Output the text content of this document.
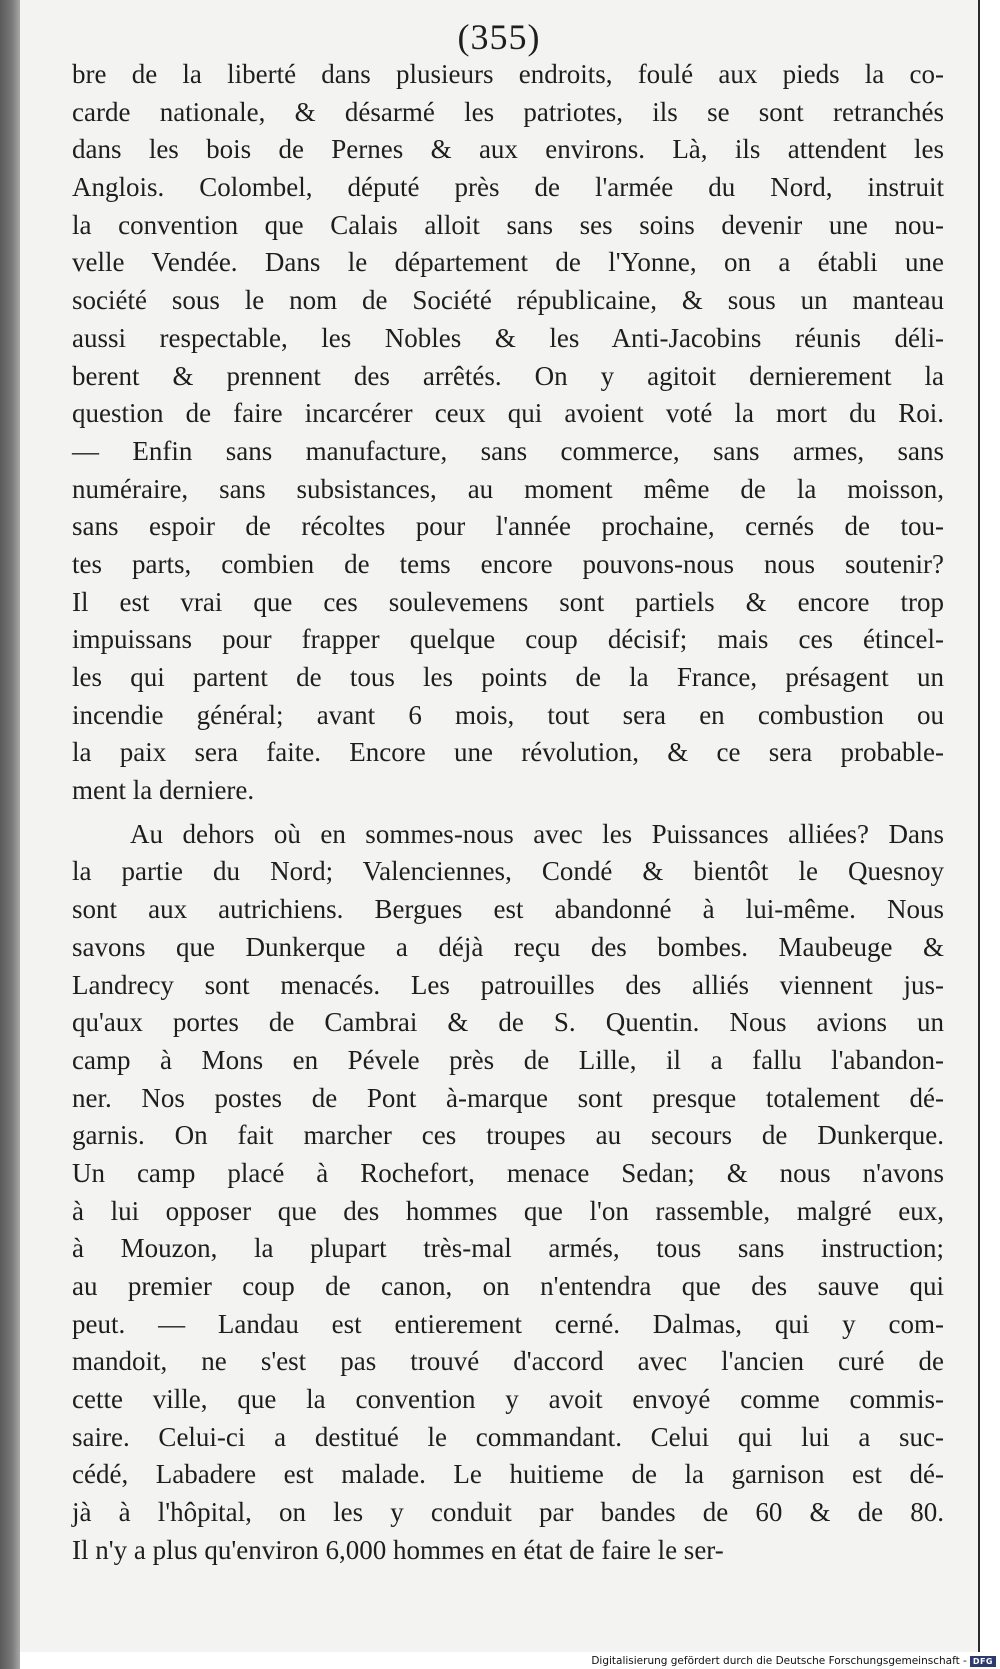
(355)
bre de la liberté dans plusieurs endroits, foulé aux pieds la co-
carde nationale, & désarmé les patriotes, ils se sont retranchés
dans les bois de Pernes & aux environs. Là, ils attendent les
Anglois. Colombel, député près de l'armée du Nord, instruit
la convention que Calais alloit sans ses soins devenir une nou-
velle Vendée. Dans le département de l'Yonne, on a établi une
société sous le nom de Société républicaine, & sous un manteau
aussi respectable, les Nobles & les Anti-Jacobins réunis déli-
berent & prennent des arrêtés. On y agitoit dernierement la
question de faire incarcérer ceux qui avoient voté la mort du Roi.
— Enfin sans manufacture, sans commerce, sans armes, sans
numéraire, sans subsistances, au moment même de la moisson,
sans espoir de récoltes pour l'année prochaine, cernés de tou-
tes parts, combien de tems encore pouvons-nous nous soutenir?
Il est vrai que ces soulevemens sont partiels & encore trop
impuissans pour frapper quelque coup décisif; mais ces étincel-
les qui partent de tous les points de la France, présagent un
incendie général; avant 6 mois, tout sera en combustion ou
la paix sera faite. Encore une révolution, & ce sera probable-
ment la derniere.
Au dehors où en sommes-nous avec les Puissances alliées? Dans
la partie du Nord; Valenciennes, Condé & bientôt le Quesnoy
sont aux autrichiens. Bergues est abandonné à lui-même. Nous
savons que Dunkerque a déjà reçu des bombes. Maubeuge &
Landrecy sont menacés. Les patrouilles des alliés viennent jus-
qu'aux portes de Cambrai & de S. Quentin. Nous avions un
camp à Mons en Pévele près de Lille, il a fallu l'abandon-
ner. Nos postes de Pont à-marque sont presque totalement dé-
garnis. On fait marcher ces troupes au secours de Dunkerque.
Un camp placé à Rochefort, menace Sedan; & nous n'avons
à lui opposer que des hommes que l'on rassemble, malgré eux,
à Mouzon, la plupart très-mal armés, tous sans instruction;
au premier coup de canon, on n'entendra que des sauve qui
peut. — Landau est entierement cerné. Dalmas, qui y com-
mandoit, ne s'est pas trouvé d'accord avec l'ancien curé de
cette ville, que la convention y avoit envoyé comme commis-
saire. Celui-ci a destitué le commandant. Celui qui lui a suc-
cédé, Labadere est malade. Le huitieme de la garnison est dé-
jà à l'hôpital, on les y conduit par bandes de 60 & de 80.
Il n'y a plus qu'environ 6,000 hommes en état de faire le ser-
Digitalisierung gefördert durch die Deutsche Forschungsgemeinschaft - DFG
